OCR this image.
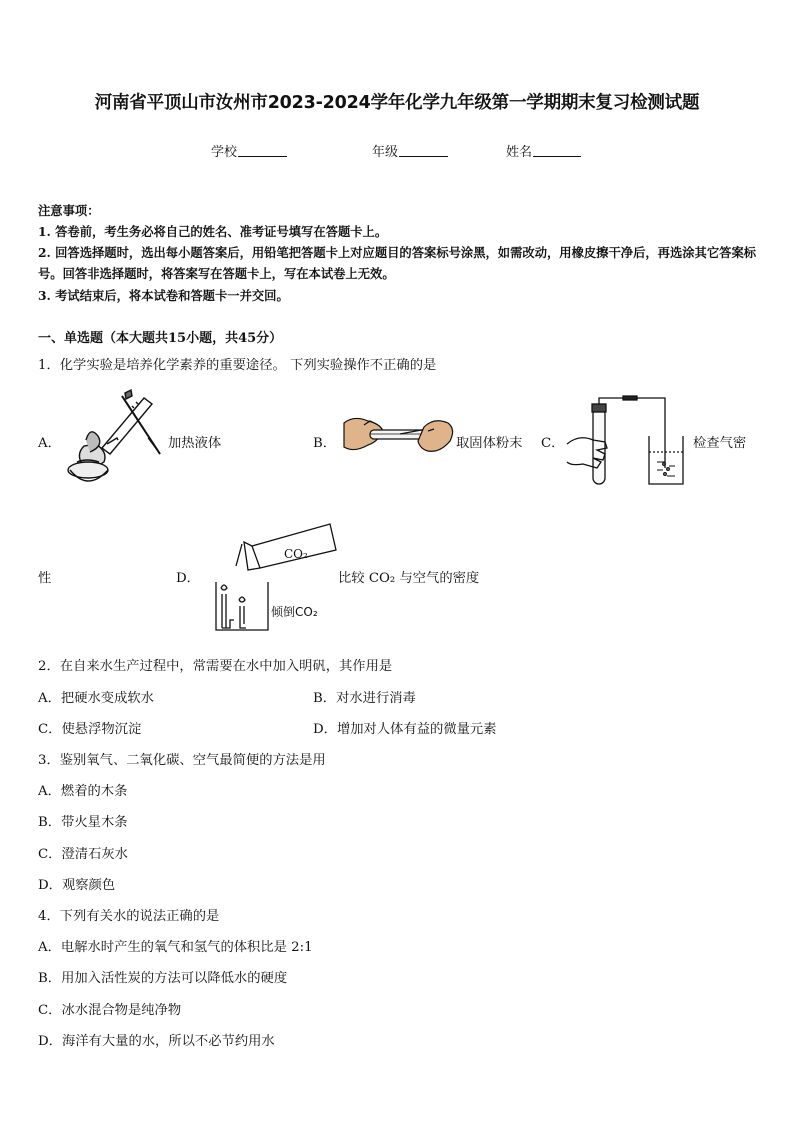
河南省平顶山市汝州市2023-2024学年化学九年级第一学期期末复习检测试题
学校	年级	姓名
注意事项：
1. 答卷前，考生务必将自己的姓名、准考证号填写在答题卡上。
2. 回答选择题时，选出每小题答案后，用铅笔把答题卡上对应题目的答案标号涂黑，如需改动，用橡皮擦干净后，再选涂其它答案标号。回答非选择题时，将答案写在答题卡上，写在本试卷上无效。
3. 考试结束后，将本试卷和答题卡一并交回。
一、单选题（本大题共15小题，共45分）
1．化学实验是培养化学素养的重要途径。 下列实验操作不正确的是
A．	加热液体	B．	取固体粉末 C．	检查气密
性	D．
CO₂
倾倒CO₂
比较 CO₂ 与空气的密度
2．在自来水生产过程中，常需要在水中加入明矾，其作用是
A．把硬水变成软水	B．对水进行消毒
C．使悬浮物沉淀	D．增加对人体有益的微量元素
3．鉴别氧气、二氧化碳、空气最简便的方法是用
A．燃着的木条
B．带火星木条
C．澄清石灰水
D．观察颜色
4．下列有关水的说法正确的是
A．电解水时产生的氧气和氢气的体积比是 2:1
B．用加入活性炭的方法可以降低水的硬度
C．冰水混合物是纯净物
D．海洋有大量的水，所以不必节约用水
